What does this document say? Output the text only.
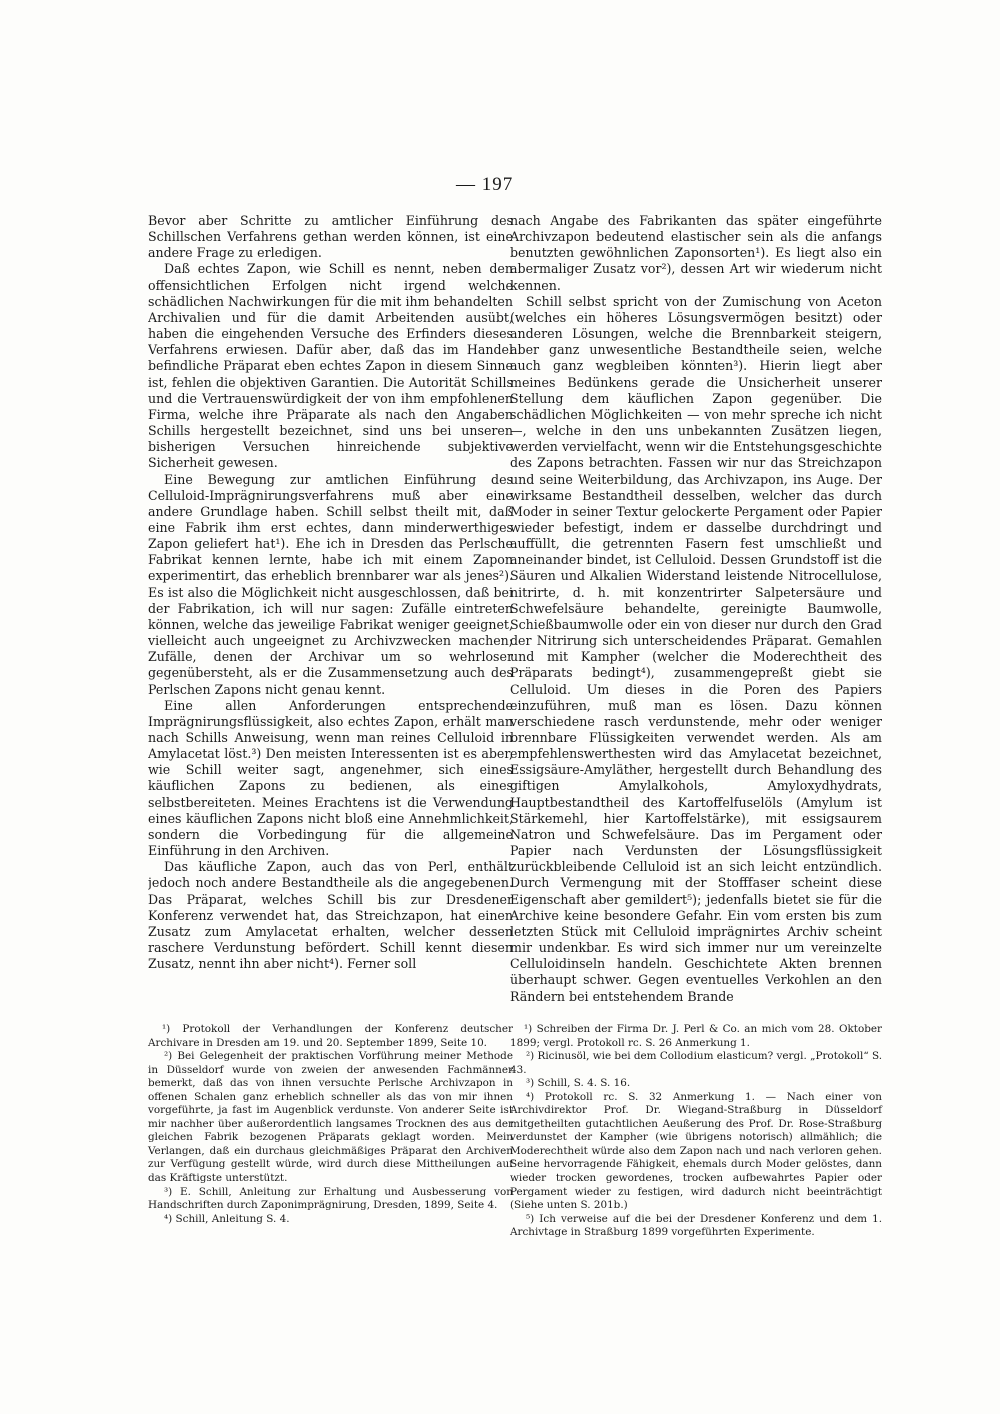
— 197

Bevor aber Schritte zu amtlicher Einführung des Schillschen Verfahrens gethan werden können, ist eine andere Frage zu erledigen.

Daß echtes Zapon, wie Schill es nennt, neben den offensichtlichen Erfolgen nicht irgend welche schädlichen Nachwirkungen für die mit ihm behandelten Archivalien und für die damit Arbeitenden ausübt, haben die eingehenden Versuche des Erfinders dieses Verfahrens erwiesen. Dafür aber, daß das im Handel befindliche Präparat eben echtes Zapon in diesem Sinne ist, fehlen die objektiven Garantien. Die Autorität Schills und die Vertrauenswürdigkeit der von ihm empfohlenen Firma, welche ihre Präparate als nach den Angaben Schills hergestellt bezeichnet, sind uns bei unseren bisherigen Versuchen hinreichende subjektive Sicherheit gewesen.

Eine Bewegung zur amtlichen Einführung des Celluloid-Imprägnirungsverfahrens muß aber eine andere Grundlage haben. Schill selbst theilt mit, daß eine Fabrik ihm erst echtes, dann minderwerthiges Zapon geliefert hat¹). Ehe ich in Dresden das Perlsche Fabrikat kennen lernte, habe ich mit einem Zapon experimentirt, das erheblich brennbarer war als jenes²). Es ist also die Möglichkeit nicht ausgeschlossen, daß bei der Fabrikation, ich will nur sagen: Zufälle eintreten können, welche das jeweilige Fabrikat weniger geeignet, vielleicht auch ungeeignet zu Archivzwecken machen; Zufälle, denen der Archivar um so wehrloser gegenübersteht, als er die Zusammensetzung auch des Perlschen Zapons nicht genau kennt.

Eine allen Anforderungen entsprechende Imprägnirungsflüssigkeit, also echtes Zapon, erhält man nach Schills Anweisung, wenn man reines Celluloid in Amylacetat löst.³) Den meisten Interessenten ist es aber, wie Schill weiter sagt, angenehmer, sich eines käuflichen Zapons zu bedienen, als eines selbstbereiteten. Meines Erachtens ist die Verwendung eines käuflichen Zapons nicht bloß eine Annehmlichkeit, sondern die Vorbedingung für die allgemeine Einführung in den Archiven.

Das käufliche Zapon, auch das von Perl, enthält jedoch noch andere Bestandtheile als die angegebenen. Das Präparat, welches Schill bis zur Dresdener Konferenz verwendet hat, das Streichzapon, hat einen Zusatz zum Amylacetat erhalten, welcher dessen raschere Verdunstung befördert. Schill kennt diesen Zusatz, nennt ihn aber nicht⁴). Ferner soll

¹) Protokoll der Verhandlungen der Konferenz deutscher Archivare in Dresden am 19. und 20. September 1899, Seite 10.

²) Bei Gelegenheit der praktischen Vorführung meiner Methode in Düsseldorf wurde von zweien der anwesenden Fachmänner bemerkt, daß das von ihnen versuchte Perlsche Archivzapon in offenen Schalen ganz erheblich schneller als das von mir ihnen vorgeführte, ja fast im Augenblick verdunste. Von anderer Seite ist mir nachher über außerordentlich langsames Trocknen des aus der gleichen Fabrik bezogenen Präparats geklagt worden. Mein Verlangen, daß ein durchaus gleichmäßiges Präparat den Archiven zur Verfügung gestellt würde, wird durch diese Mittheilungen auf das Kräftigste unterstützt.

³) E. Schill, Anleitung zur Erhaltung und Ausbesserung von Handschriften durch Zaponimprägnirung, Dresden, 1899, Seite 4.

⁴) Schill, Anleitung S. 4.

nach Angabe des Fabrikanten das später eingeführte Archivzapon bedeutend elastischer sein als die anfangs benutzten gewöhnlichen Zaponsorten¹). Es liegt also ein abermaliger Zusatz vor²), dessen Art wir wiederum nicht kennen.

Schill selbst spricht von der Zumischung von Aceton (welches ein höheres Lösungsvermögen besitzt) oder anderen Lösungen, welche die Brennbarkeit steigern, aber ganz unwesentliche Bestandtheile seien, welche auch ganz wegbleiben könnten³). Hierin liegt aber meines Bedünkens gerade die Unsicherheit unserer Stellung dem käuflichen Zapon gegenüber. Die schädlichen Möglichkeiten — von mehr spreche ich nicht —, welche in den uns unbekannten Zusätzen liegen, werden vervielfacht, wenn wir die Entstehungsgeschichte des Zapons betrachten. Fassen wir nur das Streichzapon und seine Weiterbildung, das Archivzapon, ins Auge. Der wirksame Bestandtheil desselben, welcher das durch Moder in seiner Textur gelockerte Pergament oder Papier wieder befestigt, indem er dasselbe durchdringt und auffüllt, die getrennten Fasern fest umschließt und aneinander bindet, ist Celluloid. Dessen Grundstoff ist die Säuren und Alkalien Widerstand leistende Nitrocellulose, nitrirte, d. h. mit konzentrirter Salpetersäure und Schwefelsäure behandelte, gereinigte Baumwolle, Schießbaumwolle oder ein von dieser nur durch den Grad der Nitrirung sich unterscheidendes Präparat. Gemahlen und mit Kampher (welcher die Moderechtheit des Präparats bedingt⁴), zusammengepreßt giebt sie Celluloid. Um dieses in die Poren des Papiers einzuführen, muß man es lösen. Dazu können verschiedene rasch verdunstende, mehr oder weniger brennbare Flüssigkeiten verwendet werden. Als am empfehlenswerthesten wird das Amylacetat bezeichnet, Essigsäure-Amyläther, hergestellt durch Behandlung des giftigen Amylalkohols, Amyloxydhydrats, Hauptbestandtheil des Kartoffelfuselöls (Amylum ist Stärkemehl, hier Kartoffelstärke), mit essigsaurem Natron und Schwefelsäure. Das im Pergament oder Papier nach Verdunsten der Lösungsflüssigkeit zurückbleibende Celluloid ist an sich leicht entzündlich. Durch Vermengung mit der Stofffaser scheint diese Eigenschaft aber gemildert⁵); jedenfalls bietet sie für die Archive keine besondere Gefahr. Ein vom ersten bis zum letzten Stück mit Celluloid imprägnirtes Archiv scheint mir undenkbar. Es wird sich immer nur um vereinzelte Celluloidinseln handeln. Geschichtete Akten brennen überhaupt schwer. Gegen eventuelles Verkohlen an den Rändern bei entstehendem Brande

¹) Schreiben der Firma Dr. J. Perl & Co. an mich vom 28. Oktober 1899; vergl. Protokoll rc. S. 26 Anmerkung 1.

²) Ricinusöl, wie bei dem Collodium elasticum? vergl. „Protokoll“ S. 43.

³) Schill, S. 4. S. 16.

⁴) Protokoll rc. S. 32 Anmerkung 1. — Nach einer von Archivdirektor Prof. Dr. Wiegand-Straßburg in Düsseldorf mitgetheilten gutachtlichen Aeußerung des Prof. Dr. Rose-Straßburg verdunstet der Kampher (wie übrigens notorisch) allmählich; die Moderechtheit würde also dem Zapon nach und nach verloren gehen. Seine hervorragende Fähigkeit, ehemals durch Moder gelöstes, dann wieder trocken gewordenes, trocken aufbewahrtes Papier oder Pergament wieder zu festigen, wird dadurch nicht beeinträchtigt (Siehe unten S. 201b.)

⁵) Ich verweise auf die bei der Dresdener Konferenz und dem 1. Archivtage in Straßburg 1899 vorgeführten Experimente.
